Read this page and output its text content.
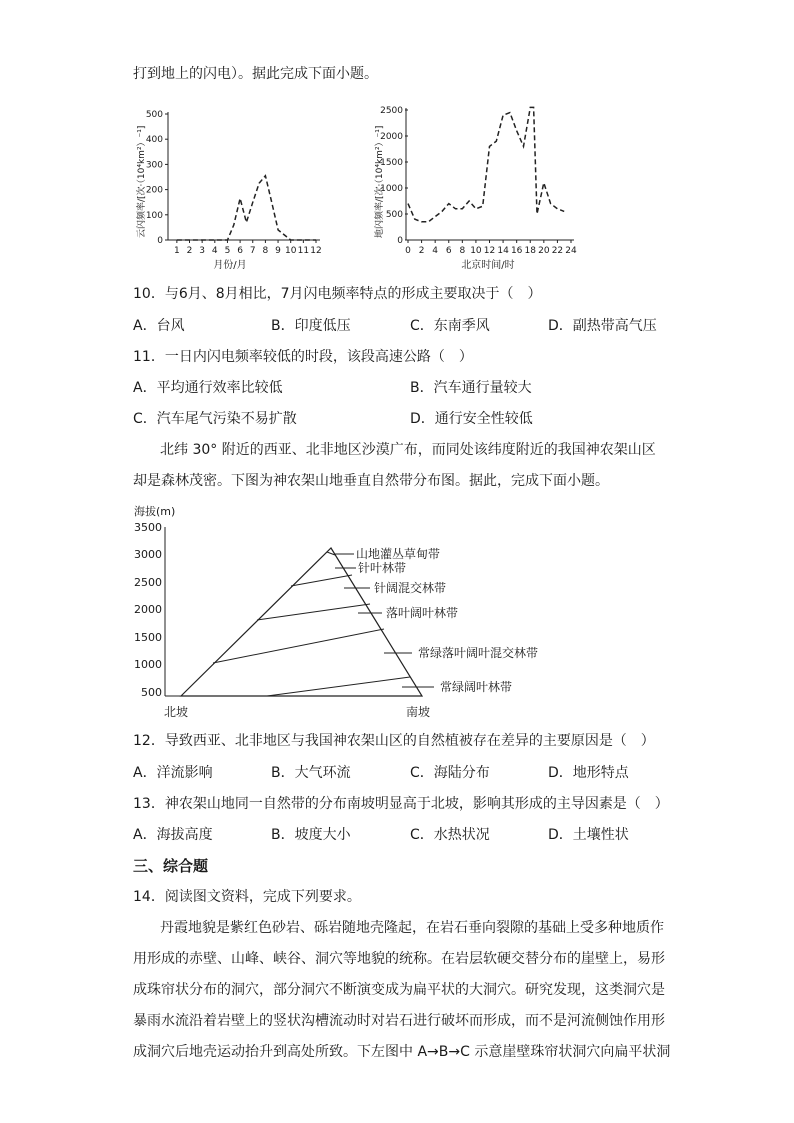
打到地上的闪电）。据此完成下面小题。
0
100
200
300
400
500
1 2 3 4 5 6 7 8 9 10 11 12
云闪频率/[次·（10⁴km²）⁻¹]
月份/月
0
500
1000
1500
2000
2500
0 2 4 6 8 10 12 14 16 18 20 22 24
地闪频率/[次·（10⁴km²）⁻¹]
北京时间/时
10．与6月、8月相比，7月闪电频率特点的形成主要取决于（　）
A．台风	B．印度低压	C．东南季风	D．副热带高气压
11．一日内闪电频率较低的时段，该段高速公路（　）
A．平均通行效率比较低	B．汽车通行量较大
C．汽车尾气污染不易扩散	D．通行安全性较低
北纬 30° 附近的西亚、北非地区沙漠广布，而同处该纬度附近的我国神农架山区
却是森林茂密。下图为神农架山地垂直自然带分布图。据此，完成下面小题。
海拔(m)
3500
3000
2500
2000
1500
1000
500
山地灌丛草甸带
针叶林带
针阔混交林带
落叶阔叶林带
常绿落叶阔叶混交林带
常绿阔叶林带
北坡	南坡
12．导致西亚、北非地区与我国神农架山区的自然植被存在差异的主要原因是（　）
A．洋流影响	B．大气环流	C．海陆分布	D．地形特点
13．神农架山地同一自然带的分布南坡明显高于北坡，影响其形成的主导因素是（　）
A．海拔高度	B．坡度大小	C．水热状况	D．土壤性状
三、综合题
14．阅读图文资料，完成下列要求。
丹霞地貌是紫红色砂岩、砾岩随地壳隆起，在岩石垂向裂隙的基础上受多种地质作
用形成的赤壁、山峰、峡谷、洞穴等地貌的统称。在岩层软硬交替分布的崖壁上，易形
成珠帘状分布的洞穴，部分洞穴不断演变成为扁平状的大洞穴。研究发现，这类洞穴是
暴雨水流沿着岩壁上的竖状沟槽流动时对岩石进行破坏而形成，而不是河流侧蚀作用形
成洞穴后地壳运动抬升到高处所致。下左图中 A→B→C 示意崖壁珠帘状洞穴向扁平状洞
